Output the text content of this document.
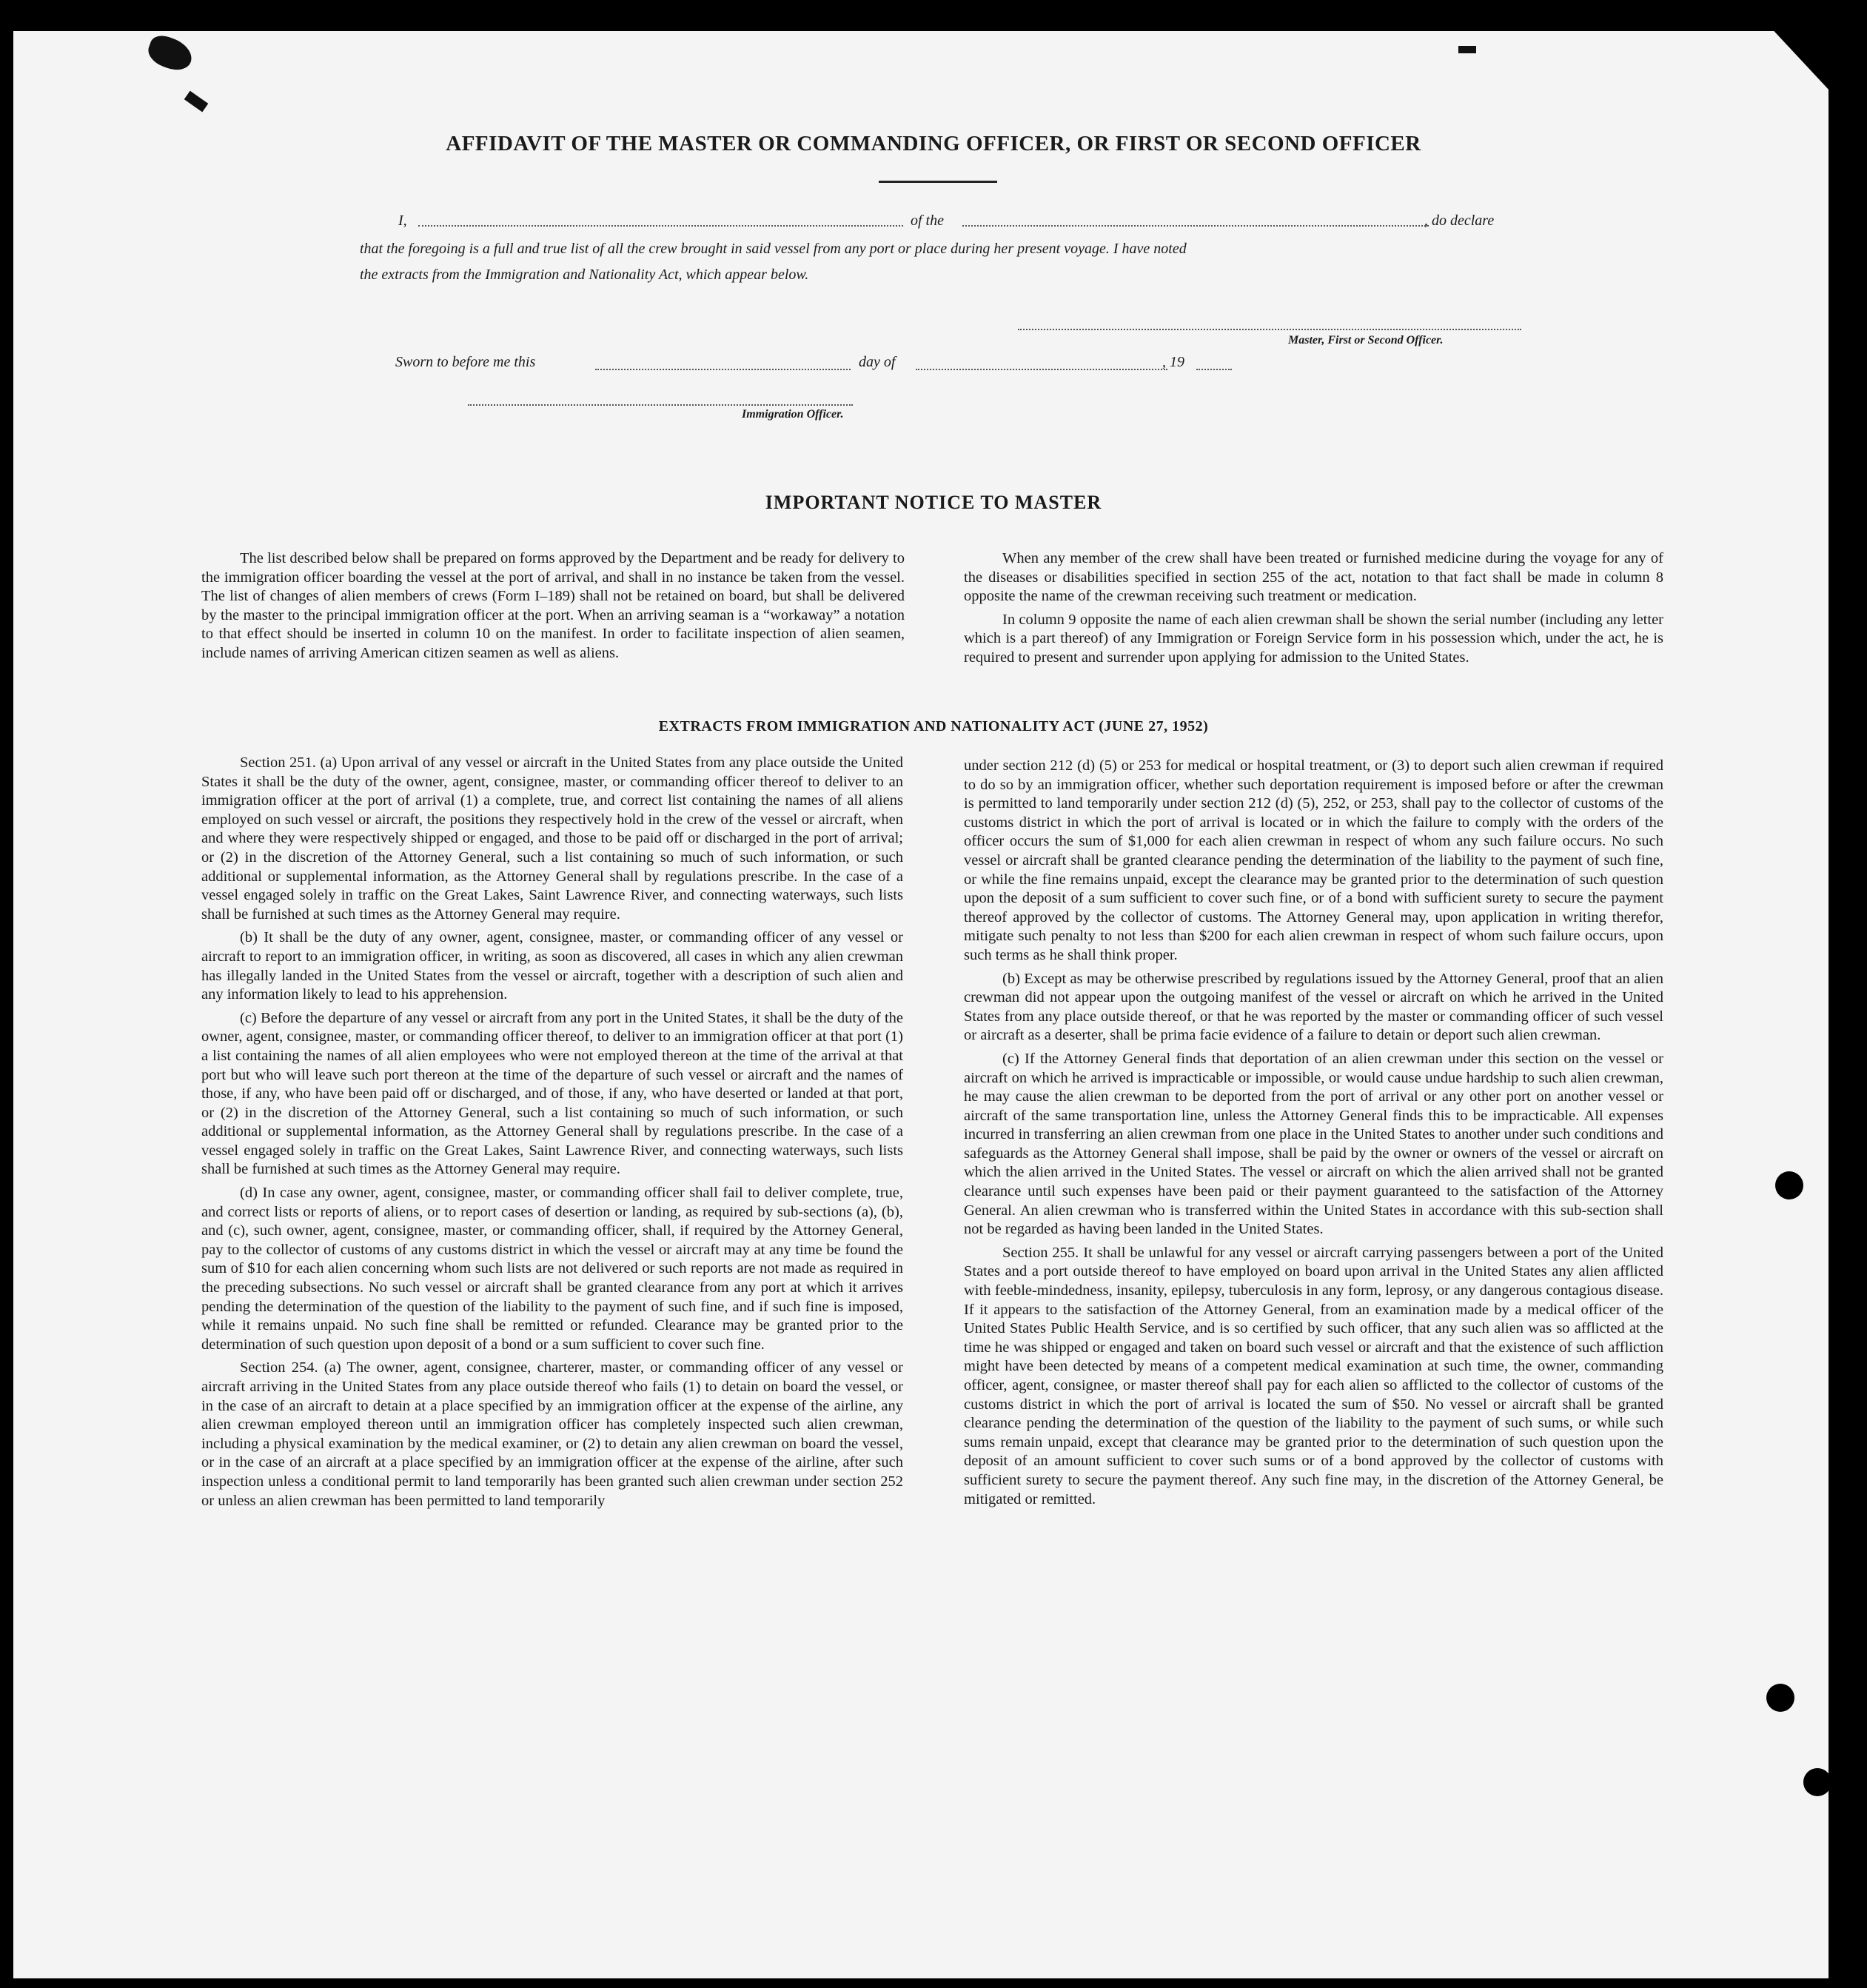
AFFIDAVIT OF THE MASTER OR COMMANDING OFFICER, OR FIRST OR SECOND OFFICER
I,	of the	, do declare
that the foregoing is a full and true list of all the crew brought in said vessel from any port or place during her present voyage. I have noted
the extracts from the Immigration and Nationality Act, which appear below.
Master, First or Second Officer.
Sworn to before me this	day of	, 19
Immigration Officer.
IMPORTANT NOTICE TO MASTER

The list described below shall be prepared on forms approved by the Department and be ready for delivery to the immigration officer boarding the vessel at the port of arrival, and shall in no instance be taken from the vessel. The list of changes of alien members of crews (Form I–189) shall not be retained on board, but shall be delivered by the master to the principal immigration officer at the port. When an arriving seaman is a “workaway” a notation to that effect should be inserted in column 10 on the manifest. In order to facilitate inspection of alien seamen, include names of arriving American citizen seamen as well as aliens.

When any member of the crew shall have been treated or furnished medicine during the voyage for any of the diseases or disabilities specified in section 255 of the act, notation to that fact shall be made in column 8 opposite the name of the crewman receiving such treatment or medication.

In column 9 opposite the name of each alien crewman shall be shown the serial number (including any letter which is a part thereof) of any Immigration or Foreign Service form in his possession which, under the act, he is required to present and surrender upon applying for admission to the United States.

EXTRACTS FROM IMMIGRATION AND NATIONALITY ACT (JUNE 27, 1952)

Section 251. (a) Upon arrival of any vessel or aircraft in the United States from any place outside the United States it shall be the duty of the owner, agent, consignee, master, or commanding officer thereof to deliver to an immigration officer at the port of arrival (1) a complete, true, and correct list containing the names of all aliens employed on such vessel or aircraft, the positions they respectively hold in the crew of the vessel or aircraft, when and where they were respectively shipped or engaged, and those to be paid off or discharged in the port of arrival; or (2) in the discretion of the Attorney General, such a list containing so much of such information, or such additional or supplemental information, as the Attorney General shall by regulations prescribe. In the case of a vessel engaged solely in traffic on the Great Lakes, Saint Lawrence River, and connecting waterways, such lists shall be furnished at such times as the Attorney General may require.

(b) It shall be the duty of any owner, agent, consignee, master, or commanding officer of any vessel or aircraft to report to an immigration officer, in writing, as soon as discovered, all cases in which any alien crewman has illegally landed in the United States from the vessel or aircraft, together with a description of such alien and any information likely to lead to his apprehension.

(c) Before the departure of any vessel or aircraft from any port in the United States, it shall be the duty of the owner, agent, consignee, master, or commanding officer thereof, to deliver to an immigration officer at that port (1) a list containing the names of all alien employees who were not employed thereon at the time of the arrival at that port but who will leave such port thereon at the time of the departure of such vessel or aircraft and the names of those, if any, who have been paid off or discharged, and of those, if any, who have deserted or landed at that port, or (2) in the discretion of the Attorney General, such a list containing so much of such information, or such additional or supplemental information, as the Attorney General shall by regulations prescribe. In the case of a vessel engaged solely in traffic on the Great Lakes, Saint Lawrence River, and connecting waterways, such lists shall be furnished at such times as the Attorney General may require.

(d) In case any owner, agent, consignee, master, or commanding officer shall fail to deliver complete, true, and correct lists or reports of aliens, or to report cases of desertion or landing, as required by sub-sections (a), (b), and (c), such owner, agent, consignee, master, or commanding officer, shall, if required by the Attorney General, pay to the collector of customs of any customs district in which the vessel or aircraft may at any time be found the sum of $10 for each alien concerning whom such lists are not delivered or such reports are not made as required in the preceding subsections. No such vessel or aircraft shall be granted clearance from any port at which it arrives pending the determination of the question of the liability to the payment of such fine, and if such fine is imposed, while it remains unpaid. No such fine shall be remitted or refunded. Clearance may be granted prior to the determination of such question upon deposit of a bond or a sum sufficient to cover such fine.

Section 254. (a) The owner, agent, consignee, charterer, master, or commanding officer of any vessel or aircraft arriving in the United States from any place outside thereof who fails (1) to detain on board the vessel, or in the case of an aircraft to detain at a place specified by an immigration officer at the expense of the airline, any alien crewman employed thereon until an immigration officer has completely inspected such alien crewman, including a physical examination by the medical examiner, or (2) to detain any alien crewman on board the vessel, or in the case of an aircraft at a place specified by an immigration officer at the expense of the airline, after such inspection unless a conditional permit to land temporarily has been granted such alien crewman under section 252 or unless an alien crewman has been permitted to land temporarily

under section 212 (d) (5) or 253 for medical or hospital treatment, or (3) to deport such alien crewman if required to do so by an immigration officer, whether such deportation requirement is imposed before or after the crewman is permitted to land temporarily under section 212 (d) (5), 252, or 253, shall pay to the collector of customs of the customs district in which the port of arrival is located or in which the failure to comply with the orders of the officer occurs the sum of $1,000 for each alien crewman in respect of whom any such failure occurs. No such vessel or aircraft shall be granted clearance pending the determination of the liability to the payment of such fine, or while the fine remains unpaid, except the clearance may be granted prior to the determination of such question upon the deposit of a sum sufficient to cover such fine, or of a bond with sufficient surety to secure the payment thereof approved by the collector of customs. The Attorney General may, upon application in writing therefor, mitigate such penalty to not less than $200 for each alien crewman in respect of whom such failure occurs, upon such terms as he shall think proper.

(b) Except as may be otherwise prescribed by regulations issued by the Attorney General, proof that an alien crewman did not appear upon the outgoing manifest of the vessel or aircraft on which he arrived in the United States from any place outside thereof, or that he was reported by the master or commanding officer of such vessel or aircraft as a deserter, shall be prima facie evidence of a failure to detain or deport such alien crewman.

(c) If the Attorney General finds that deportation of an alien crewman under this section on the vessel or aircraft on which he arrived is impracticable or impossible, or would cause undue hardship to such alien crewman, he may cause the alien crewman to be deported from the port of arrival or any other port on another vessel or aircraft of the same transportation line, unless the Attorney General finds this to be impracticable. All expenses incurred in transferring an alien crewman from one place in the United States to another under such conditions and safeguards as the Attorney General shall impose, shall be paid by the owner or owners of the vessel or aircraft on which the alien arrived in the United States. The vessel or aircraft on which the alien arrived shall not be granted clearance until such expenses have been paid or their payment guaranteed to the satisfaction of the Attorney General. An alien crewman who is transferred within the United States in accordance with this sub-section shall not be regarded as having been landed in the United States.

Section 255. It shall be unlawful for any vessel or aircraft carrying passengers between a port of the United States and a port outside thereof to have employed on board upon arrival in the United States any alien afflicted with feeble-mindedness, insanity, epilepsy, tuberculosis in any form, leprosy, or any dangerous contagious disease. If it appears to the satisfaction of the Attorney General, from an examination made by a medical officer of the United States Public Health Service, and is so certified by such officer, that any such alien was so afflicted at the time he was shipped or engaged and taken on board such vessel or aircraft and that the existence of such affliction might have been detected by means of a competent medical examination at such time, the owner, commanding officer, agent, consignee, or master thereof shall pay for each alien so afflicted to the collector of customs of the customs district in which the port of arrival is located the sum of $50. No vessel or aircraft shall be granted clearance pending the determination of the question of the liability to the payment of such sums, or while such sums remain unpaid, except that clearance may be granted prior to the determination of such question upon the deposit of an amount sufficient to cover such sums or of a bond approved by the collector of customs with sufficient surety to secure the payment thereof. Any such fine may, in the discretion of the Attorney General, be mitigated or remitted.
